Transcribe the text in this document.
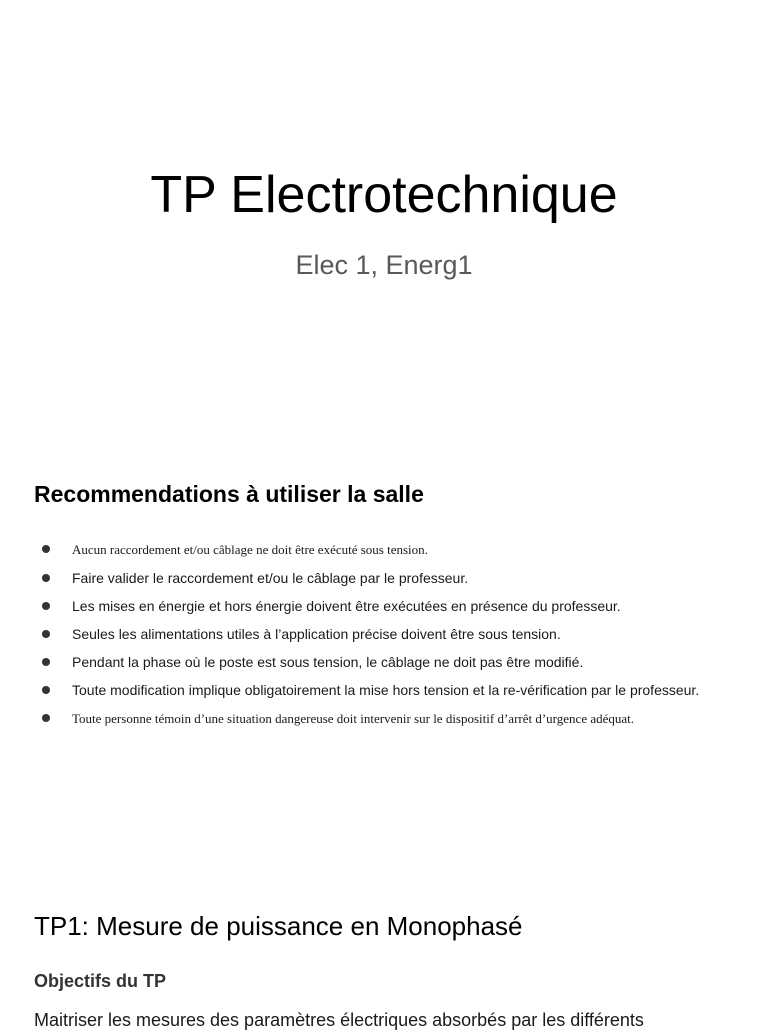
TP Electrotechnique

Elec 1, Energ1

Recommendations à utiliser la salle
Aucun raccordement et/ou câblage ne doit être exécuté sous tension.
Faire valider le raccordement et/ou le câblage par le professeur.
Les mises en énergie et hors énergie doivent être exécutées en présence du professeur.
Seules les alimentations utiles à l’application précise doivent être sous tension.
Pendant la phase où le poste est sous tension, le câblage ne doit pas être modifié.
Toute modification implique obligatoirement la mise hors tension et la re-vérification par le professeur.
Toute personne témoin d’une situation dangereuse doit intervenir sur le dispositif d’arrêt d’urgence adéquat.
TP1: Mesure de puissance en Monophasé
Objectifs du TP

Maitriser les mesures des paramètres électriques absorbés par les différents
